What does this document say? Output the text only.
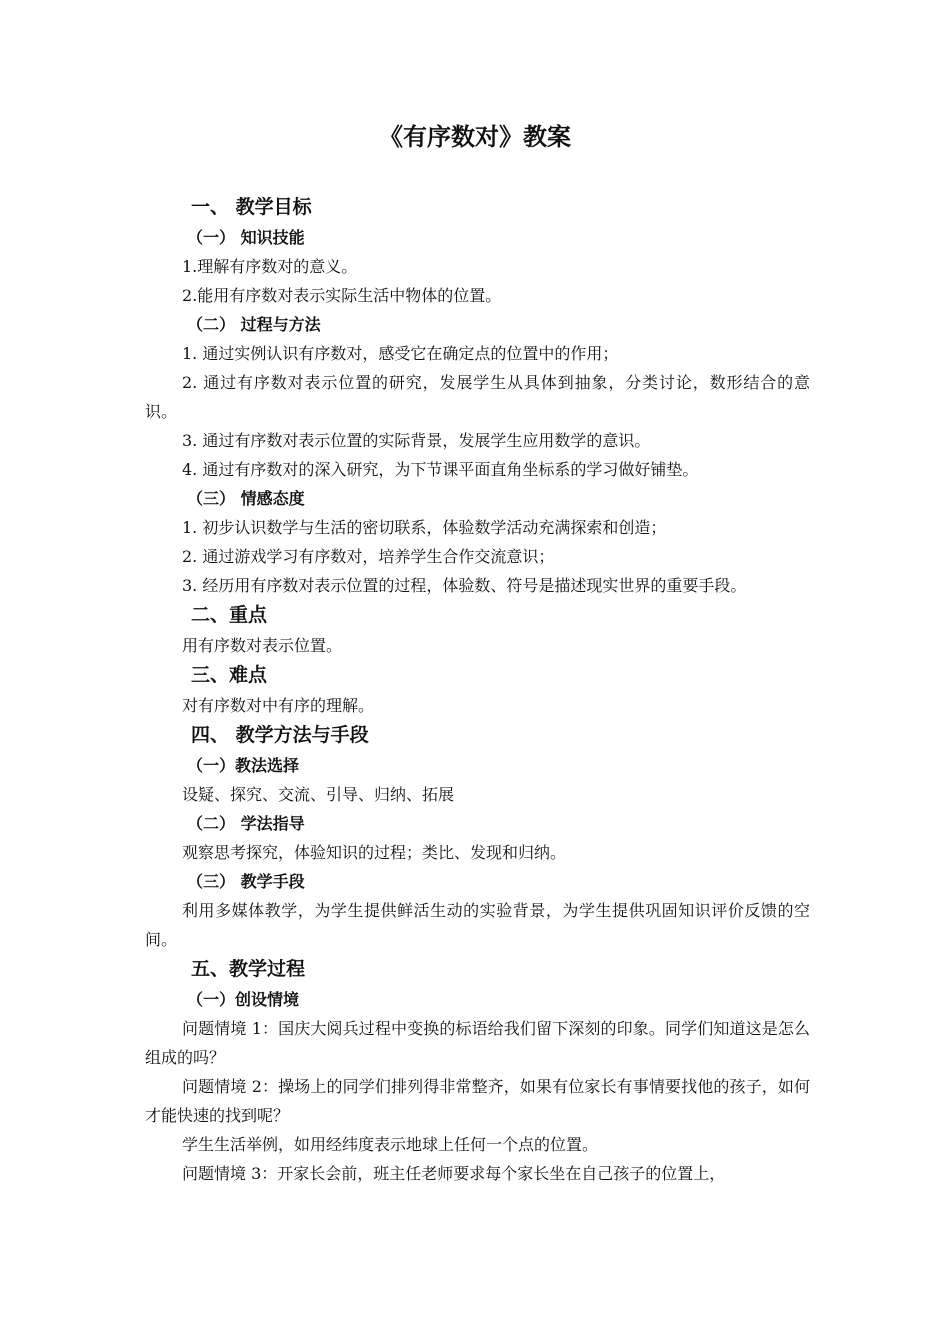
《有序数对》教案
一、 教学目标
（一） 知识技能

1.理解有序数对的意义。

2.能用有序数对表示实际生活中物体的位置。

（二） 过程与方法

1. 通过实例认识有序数对，感受它在确定点的位置中的作用；

2. 通过有序数对表示位置的研究，发展学生从具体到抽象，分类讨论，数形结合的意识。

3. 通过有序数对表示位置的实际背景，发展学生应用数学的意识。

4. 通过有序数对的深入研究，为下节课平面直角坐标系的学习做好铺垫。

（三） 情感态度

1. 初步认识数学与生活的密切联系，体验数学活动充满探索和创造；

2. 通过游戏学习有序数对，培养学生合作交流意识；

3. 经历用有序数对表示位置的过程，体验数、符号是描述现实世界的重要手段。

二、重点

用有序数对表示位置。

三、难点

对有序数对中有序的理解。

四、 教学方法与手段
（一）教法选择

设疑、探究、交流、引导、归纳、拓展

（二） 学法指导

观察思考探究，体验知识的过程；类比、发现和归纳。

（三） 教学手段

利用多媒体教学，为学生提供鲜活生动的实验背景，为学生提供巩固知识评价反馈的空间。

五、教学过程
（一）创设情境

问题情境 1：国庆大阅兵过程中变换的标语给我们留下深刻的印象。同学们知道这是怎么组成的吗？

问题情境 2：操场上的同学们排列得非常整齐，如果有位家长有事情要找他的孩子，如何才能快速的找到呢？

学生生活举例，如用经纬度表示地球上任何一个点的位置。

问题情境 3：开家长会前，班主任老师要求每个家长坐在自己孩子的位置上，
